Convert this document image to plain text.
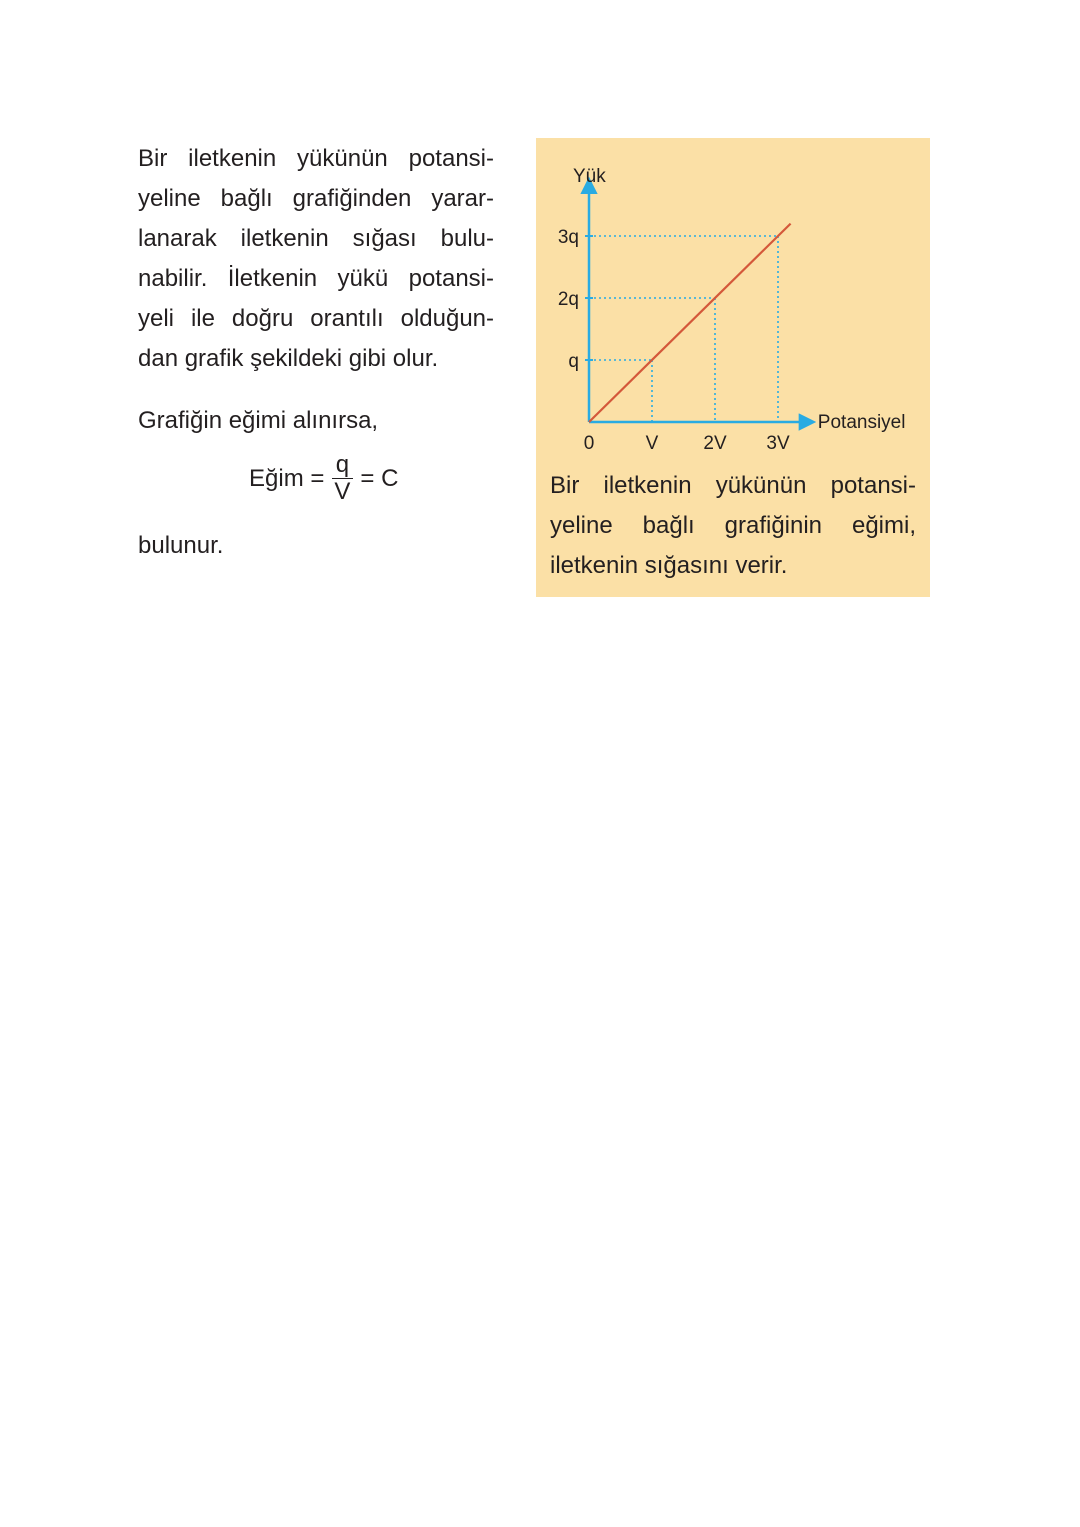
Bir iletkenin yükünün potansi-
yeline bağlı grafiğinden yarar-
lanarak iletkenin sığası bulu-
nabilir. İletkenin yükü potansi-
yeli ile doğru orantılı olduğun-
dan grafik şekildeki gibi olur.

Grafiğin eğimi alınırsa,

Eğim = $\frac{q}{V} = C$

bulunur.

0	V 2V 3V
q
2q
3q
Yük
Potansiyel

Bir iletkenin yükünün potansi-
yeline bağlı grafiğinin eğimi,
iletkenin sığasını verir.
